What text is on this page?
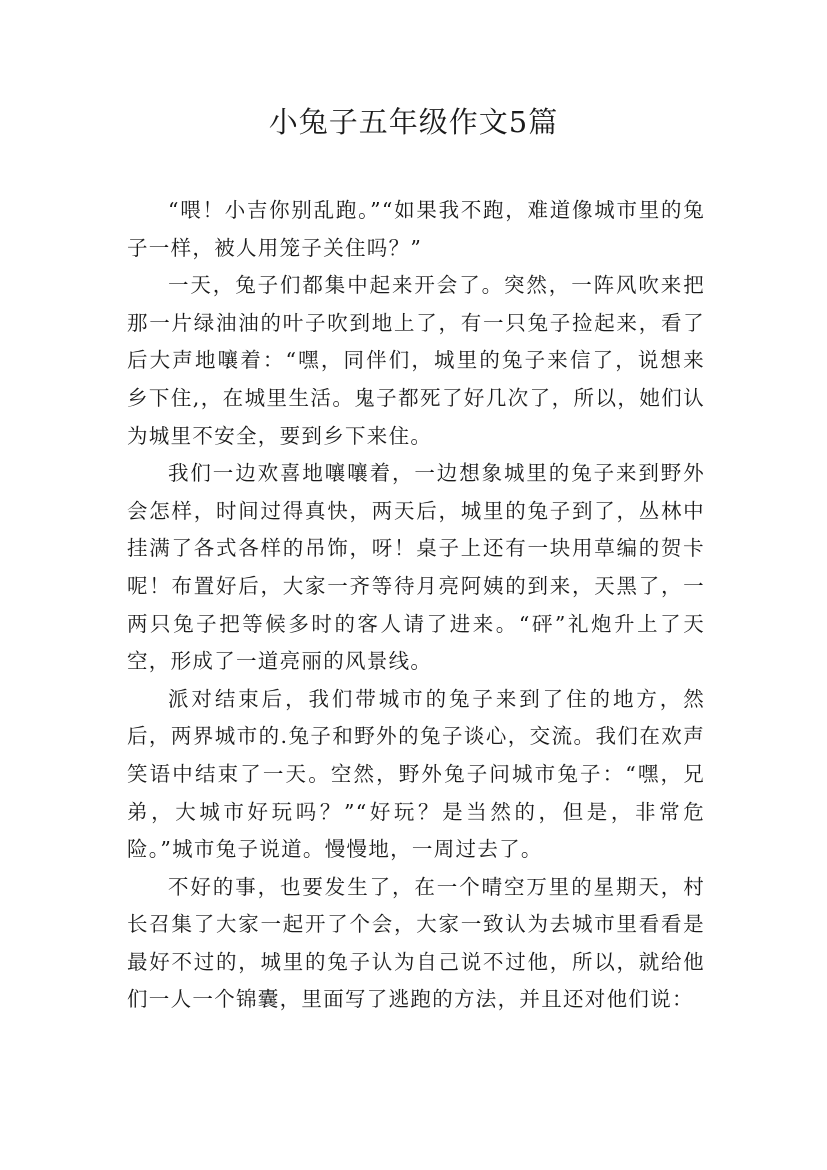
小兔子五年级作文5篇

“喂！小吉你别乱跑。”“如果我不跑，难道像城市里的兔子一样，被人用笼子关住吗？”

一天，兔子们都集中起来开会了。突然，一阵风吹来把那一片绿油油的叶子吹到地上了，有一只兔子捡起来，看了后大声地嚷着：“嘿，同伴们，城里的兔子来信了，说想来乡下住,，在城里生活。鬼子都死了好几次了，所以，她们认为城里不安全，要到乡下来住。

我们一边欢喜地嚷嚷着，一边想象城里的兔子来到野外会怎样，时间过得真快，两天后，城里的兔子到了，丛林中挂满了各式各样的吊饰，呀！桌子上还有一块用草编的贺卡呢！布置好后，大家一齐等待月亮阿姨的到来，天黑了，一两只兔子把等候多时的客人请了进来。“砰”礼炮升上了天空，形成了一道亮丽的风景线。

派对结束后，我们带城市的兔子来到了住的地方，然后，两界城市的.兔子和野外的兔子谈心，交流。我们在欢声笑语中结束了一天。空然，野外兔子问城市兔子：“嘿，兄弟，大城市好玩吗？”“好玩？是当然的，但是，非常危险。”城市兔子说道。慢慢地，一周过去了。

不好的事，也要发生了，在一个晴空万里的星期天，村长召集了大家一起开了个会，大家一致认为去城市里看看是最好不过的，城里的兔子认为自己说不过他，所以，就给他们一人一个锦囊，里面写了逃跑的方法，并且还对他们说：
